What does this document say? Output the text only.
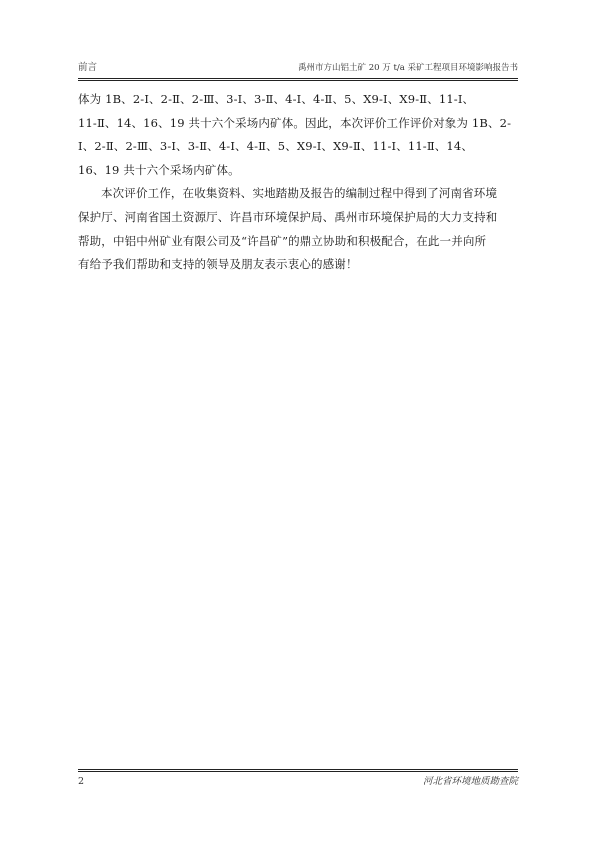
前言	禹州市方山铝土矿 20 万 t/a 采矿工程项目环境影响报告书

体为 1B、2-Ⅰ、2-Ⅱ、2-Ⅲ、3-Ⅰ、3-Ⅱ、4-Ⅰ、4-Ⅱ、5、X9-Ⅰ、X9-Ⅱ、11-Ⅰ、
11-Ⅱ、14、16、19 共十六个采场内矿体。因此，本次评价工作评价对象为 1B、2-
Ⅰ、2-Ⅱ、2-Ⅲ、3-Ⅰ、3-Ⅱ、4-Ⅰ、4-Ⅱ、5、X9-Ⅰ、X9-Ⅱ、11-Ⅰ、11-Ⅱ、14、
16、19 共十六个采场内矿体。

本次评价工作，在收集资料、实地踏勘及报告的编制过程中得到了河南省环境
保护厅、河南省国土资源厅、许昌市环境保护局、禹州市环境保护局的大力支持和
帮助，中铝中州矿业有限公司及“许昌矿”的鼎立协助和积极配合，在此一并向所
有给予我们帮助和支持的领导及朋友表示衷心的感谢！

2	河北省环境地质勘查院
